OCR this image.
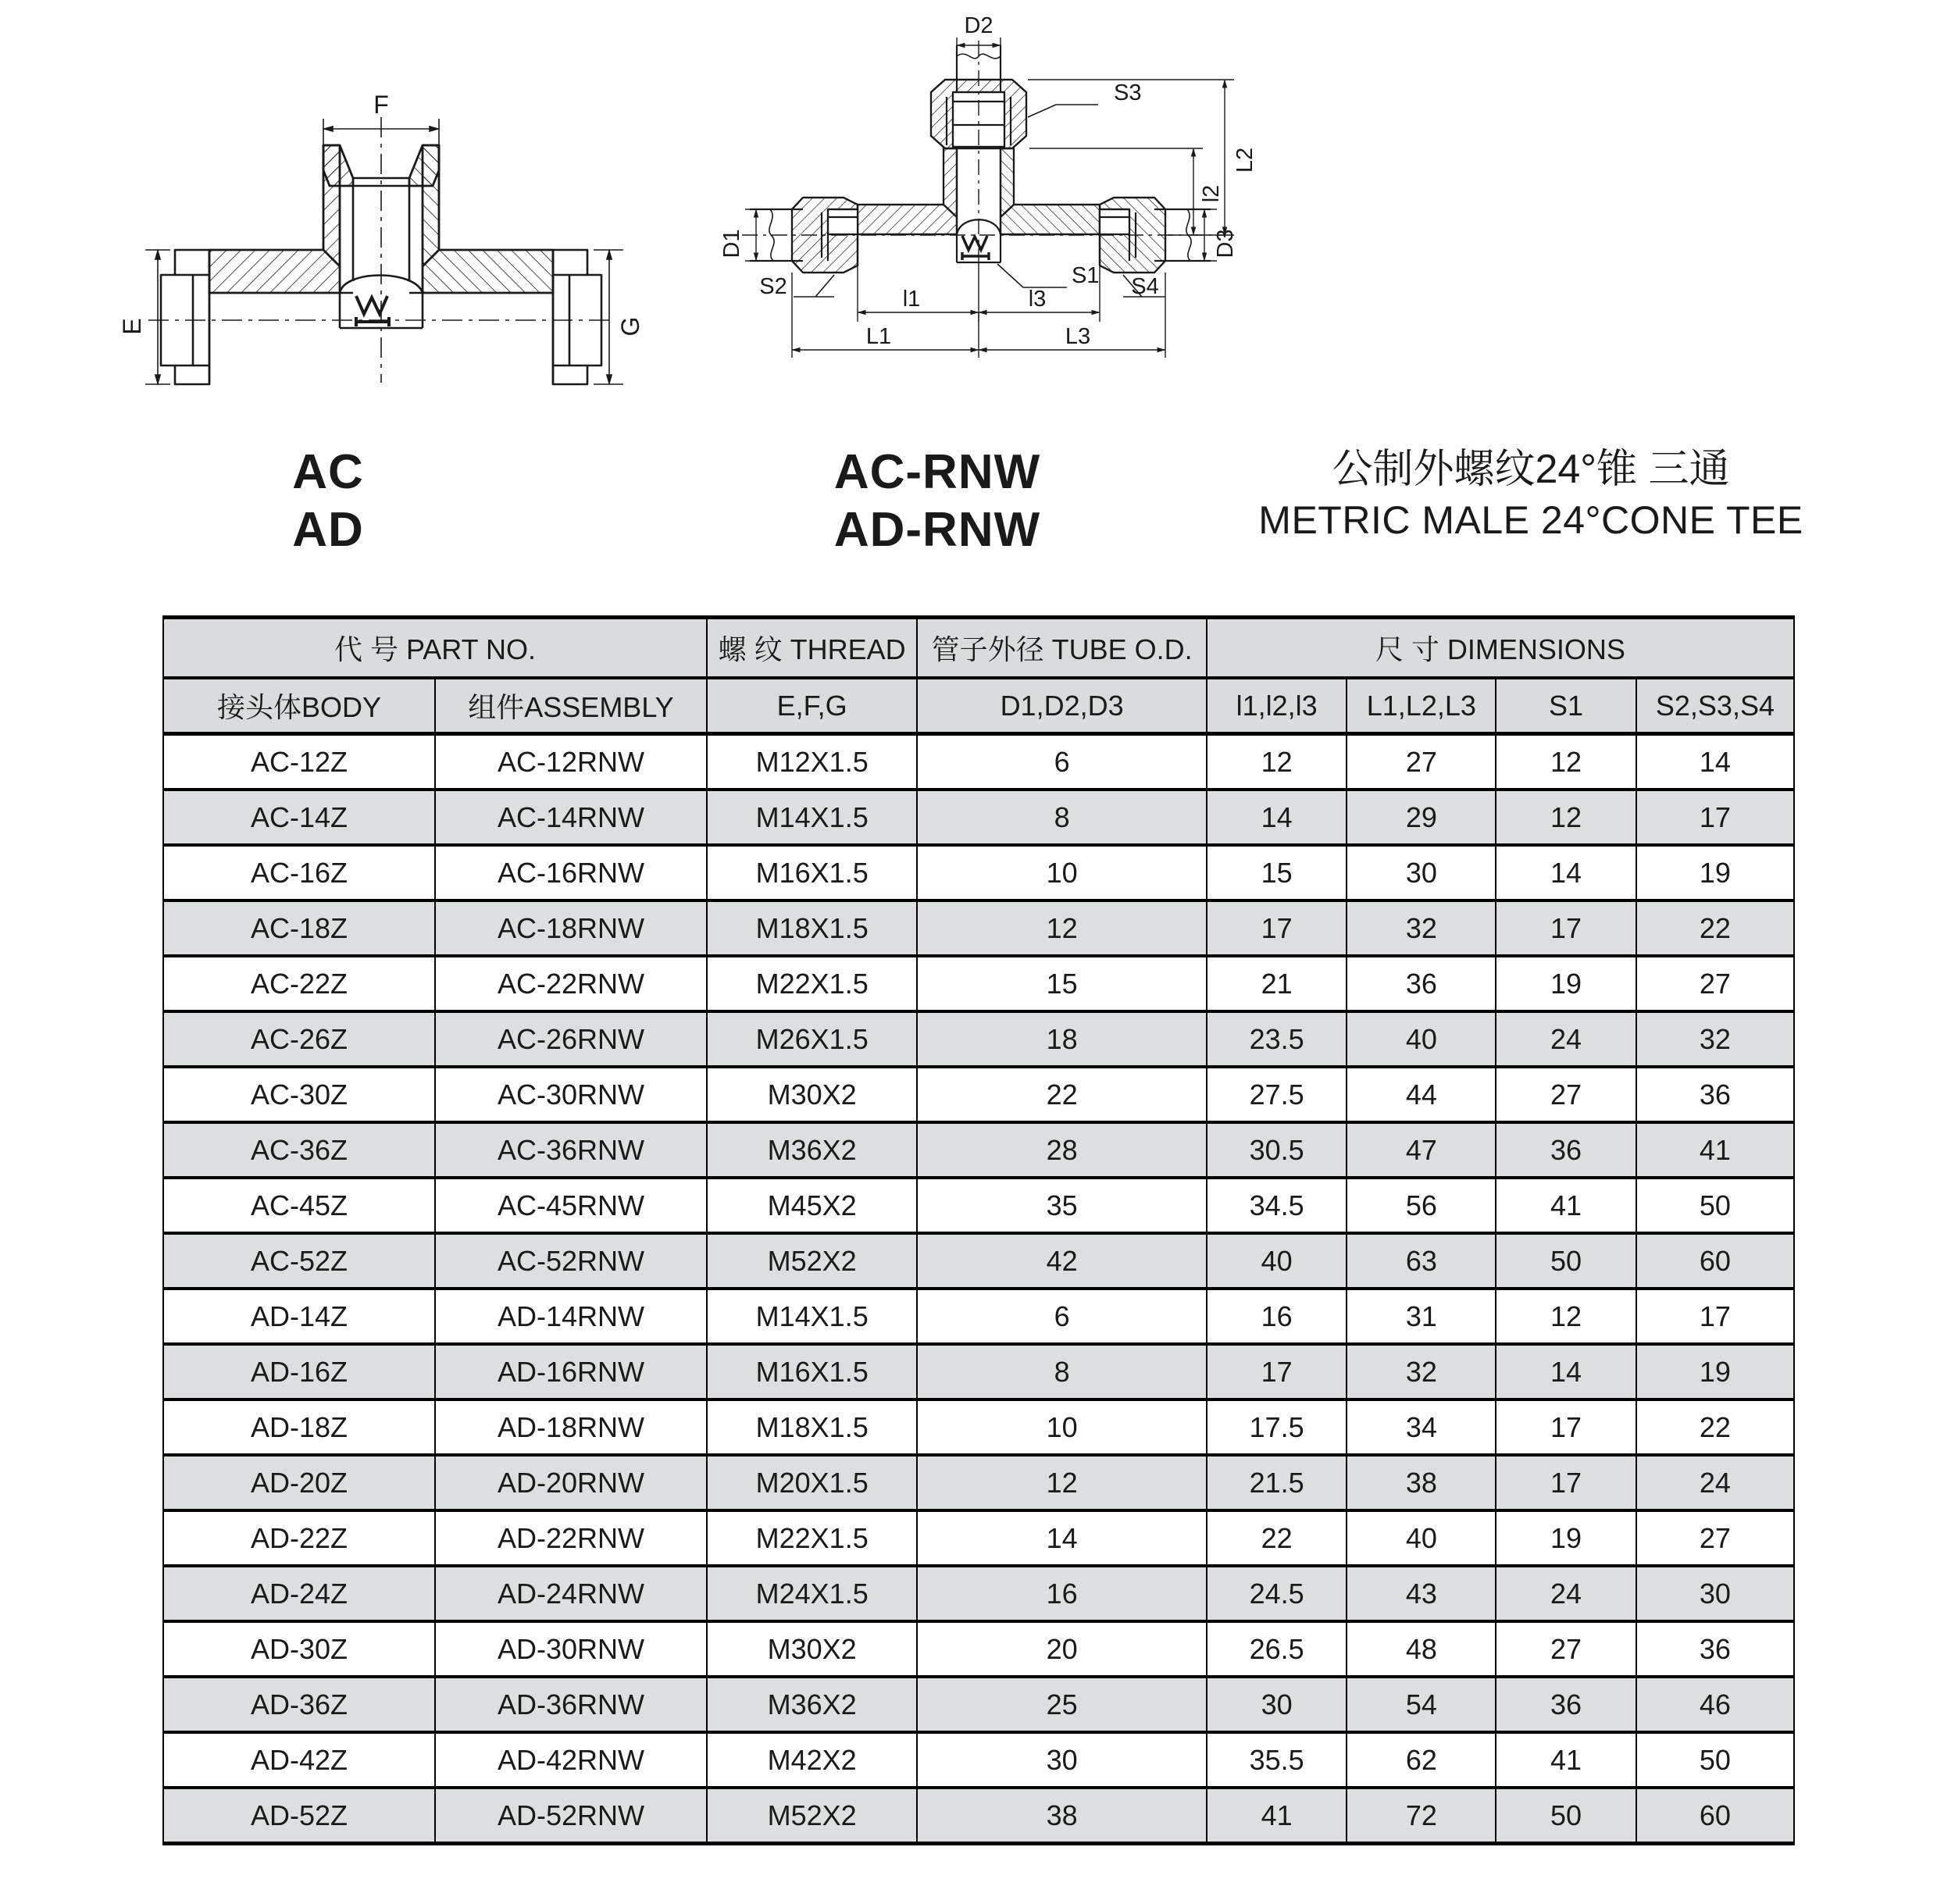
F
E	G
D2
D1	D3
S3
L2
l2
l1	l3
L1	L3
S1
S2	S4
AC
AD
AC-RNW
AD-RNW
公制外螺纹24°锥 三通
METRIC MALE 24°CONE TEE
代 号 PART NO.		螺 纹 THREAD	管子外径 TUBE O.D.	尺 寸 DIMENSIONS			
接头体BODY	组件ASSEMBLY	E,F,G	D1,D2,D3	l1,l2,l3	L1,L2,L3	S1	S2,S3,S4
AC-12Z	AC-12RNW	M12X1.5	6	12	27	12	14
AC-14Z	AC-14RNW	M14X1.5	8	14	29	12	17
AC-16Z	AC-16RNW	M16X1.5	10	15	30	14	19
AC-18Z	AC-18RNW	M18X1.5	12	17	32	17	22
AC-22Z	AC-22RNW	M22X1.5	15	21	36	19	27
AC-26Z	AC-26RNW	M26X1.5	18	23.5	40	24	32
AC-30Z	AC-30RNW	M30X2	22	27.5	44	27	36
AC-36Z	AC-36RNW	M36X2	28	30.5	47	36	41
AC-45Z	AC-45RNW	M45X2	35	34.5	56	41	50
AC-52Z	AC-52RNW	M52X2	42	40	63	50	60
AD-14Z	AD-14RNW	M14X1.5	6	16	31	12	17
AD-16Z	AD-16RNW	M16X1.5	8	17	32	14	19
AD-18Z	AD-18RNW	M18X1.5	10	17.5	34	17	22
AD-20Z	AD-20RNW	M20X1.5	12	21.5	38	17	24
AD-22Z	AD-22RNW	M22X1.5	14	22	40	19	27
AD-24Z	AD-24RNW	M24X1.5	16	24.5	43	24	30
AD-30Z	AD-30RNW	M30X2	20	26.5	48	27	36
AD-36Z	AD-36RNW	M36X2	25	30	54	36	46
AD-42Z	AD-42RNW	M42X2	30	35.5	62	41	50
AD-52Z	AD-52RNW	M52X2	38	41	72	50	60
